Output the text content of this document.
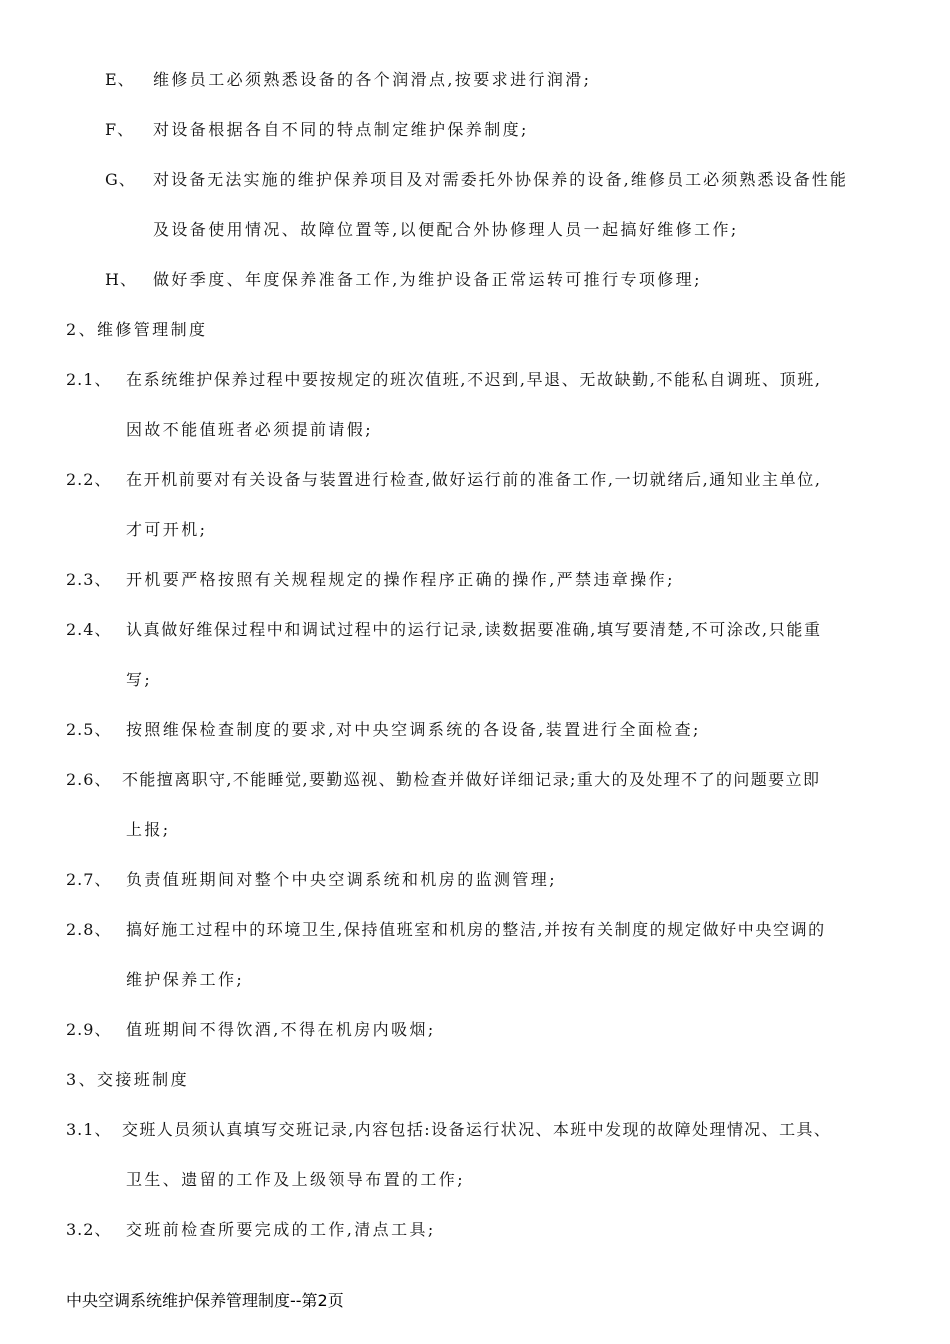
E、 维修员工必须熟悉设备的各个润滑点,按要求进行润滑;
F、 对设备根据各自不同的特点制定维护保养制度;
G、 对设备无法实施的维护保养项目及对需委托外协保养的设备,维修员工必须熟悉设备性能
及设备使用情况、故障位置等,以便配合外协修理人员一起搞好维修工作;
H、 做好季度、年度保养准备工作,为维护设备正常运转可推行专项修理;
2、维修管理制度
2.1、 在系统维护保养过程中要按规定的班次值班,不迟到,早退、无故缺勤,不能私自调班、顶班,
因故不能值班者必须提前请假;
2.2、 在开机前要对有关设备与装置进行检查,做好运行前的准备工作,一切就绪后,通知业主单位,
才可开机;
2.3、 开机要严格按照有关规程规定的操作程序正确的操作,严禁违章操作;
2.4、 认真做好维保过程中和调试过程中的运行记录,读数据要准确,填写要清楚,不可涂改,只能重
写;
2.5、 按照维保检查制度的要求,对中央空调系统的各设备,装置进行全面检查;
2.6、 不能擅离职守,不能睡觉,要勤巡视、勤检查并做好详细记录;重大的及处理不了的问题要立即
上报;
2.7、 负责值班期间对整个中央空调系统和机房的监测管理;
2.8、 搞好施工过程中的环境卫生,保持值班室和机房的整洁,并按有关制度的规定做好中央空调的
维护保养工作;
2.9、 值班期间不得饮酒,不得在机房内吸烟;
3、交接班制度
3.1、 交班人员须认真填写交班记录,内容包括:设备运行状况、本班中发现的故障处理情况、工具、
卫生、遗留的工作及上级领导布置的工作;
3.2、 交班前检查所要完成的工作,清点工具;
中央空调系统维护保养管理制度--第2页
